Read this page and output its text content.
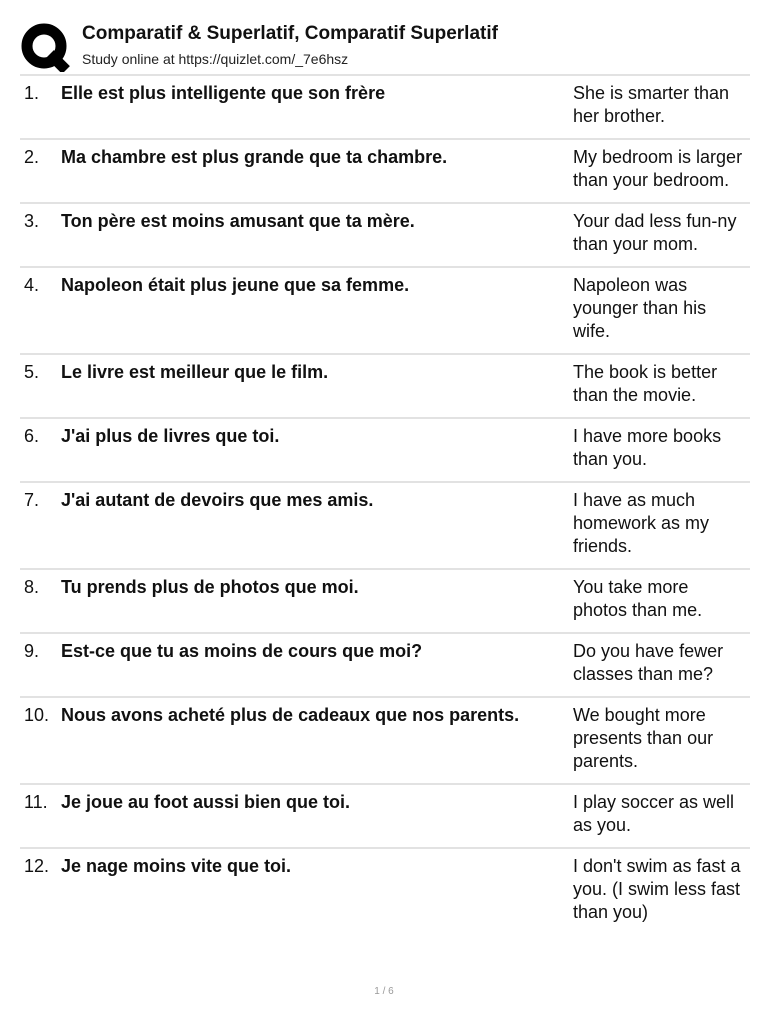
Comparatif & Superlatif, Comparatif Superlatif
Study online at https://quizlet.com/_7e6hsz
1.	Elle est plus intelligente que son frère	She is smarter than her brother.
2.	Ma chambre est plus grande que ta chambre.	My bedroom is larger than your bedroom.
3.	Ton père est moins amusant que ta mère.	Your dad less fun-ny than your mom.
4.	Napoleon était plus jeune que sa femme.	Napoleon was younger than his wife.
5.	Le livre est meilleur que le film.	The book is better than the movie.
6.	J'ai plus de livres que toi.	I have more books than you.
7.	J'ai autant de devoirs que mes amis.	I have as much homework as my friends.
8.	Tu prends plus de photos que moi.	You take more photos than me.
9.	Est-ce que tu as moins de cours que moi?	Do you have fewer classes than me?
10. Nous avons acheté plus de cadeaux que nos parents.	We bought more presents than our parents.
11. Je joue au foot aussi bien que toi.	I play soccer as well as you.
12. Je nage moins vite que toi.	I don't swim as fast a you. (I swim less fast than you)
1 / 6
